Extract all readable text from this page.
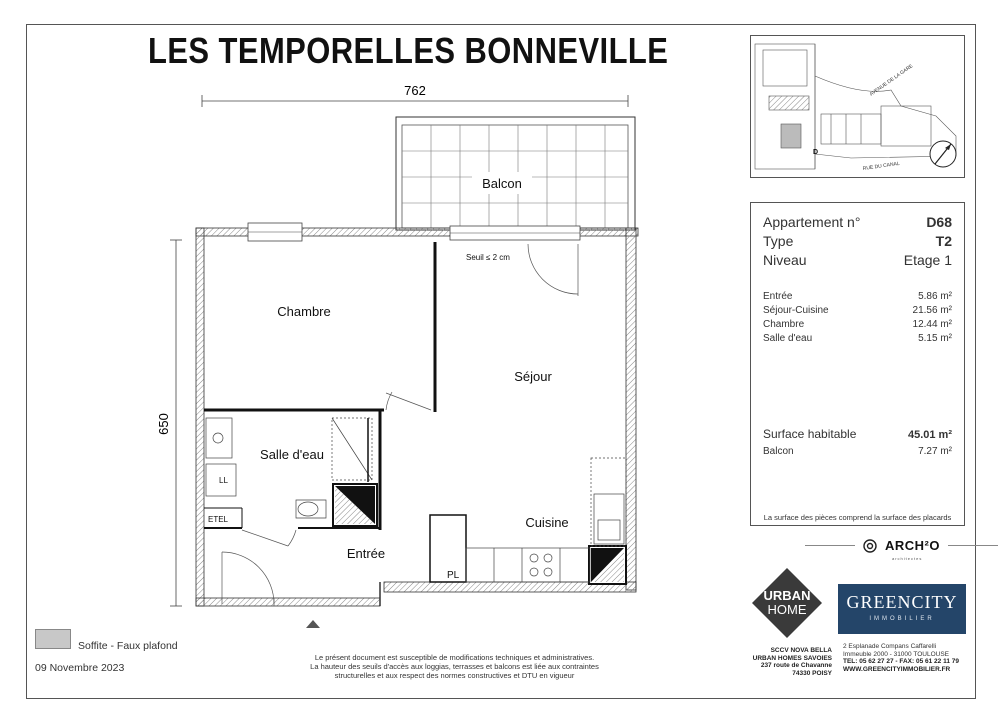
LES TEMPORELLES BONNEVILLE
762
650
Balcon
LL
ETEL
PL
Chambre
Séjour
Salle d'eau
Cuisine
Entrée
Seuil ≤ 2 cm
AVENUE DE LA GARE
RUE DU CANAL
D
Appartement n°	D68
Type	T2
Niveau	Etage 1
Entrée	5.86 m²
Séjour-Cuisine	21.56 m²
Chambre	12.44 m²
Salle d'eau	5.15 m²
Surface habitable	45.01 m²
Balcon	7.27 m²
La surface des pièces comprend la surface des placards
Soffite - Faux plafond
09 Novembre 2023
Le présent document est susceptible de modifications techniques et administratives.
La hauteur des seuils d'accès aux loggias, terrasses et balcons est liée aux contraintes
structurelles et aux respect des normes constructives et DTU en vigueur
ARCH²O
architectes
URBAN
HOME	GREENCITY
IMMOBILIER
SCCV NOVA BELLA
URBAN HOMES SAVOIES
237 route de Chavanne
74330 POISY
2 Esplanade Compans Caffarelli
Immeuble 2000 - 31000 TOULOUSE
TEL: 05 62 27 27 - FAX: 05 61 22 11 79
WWW.GREENCITYIMMOBILIER.FR
